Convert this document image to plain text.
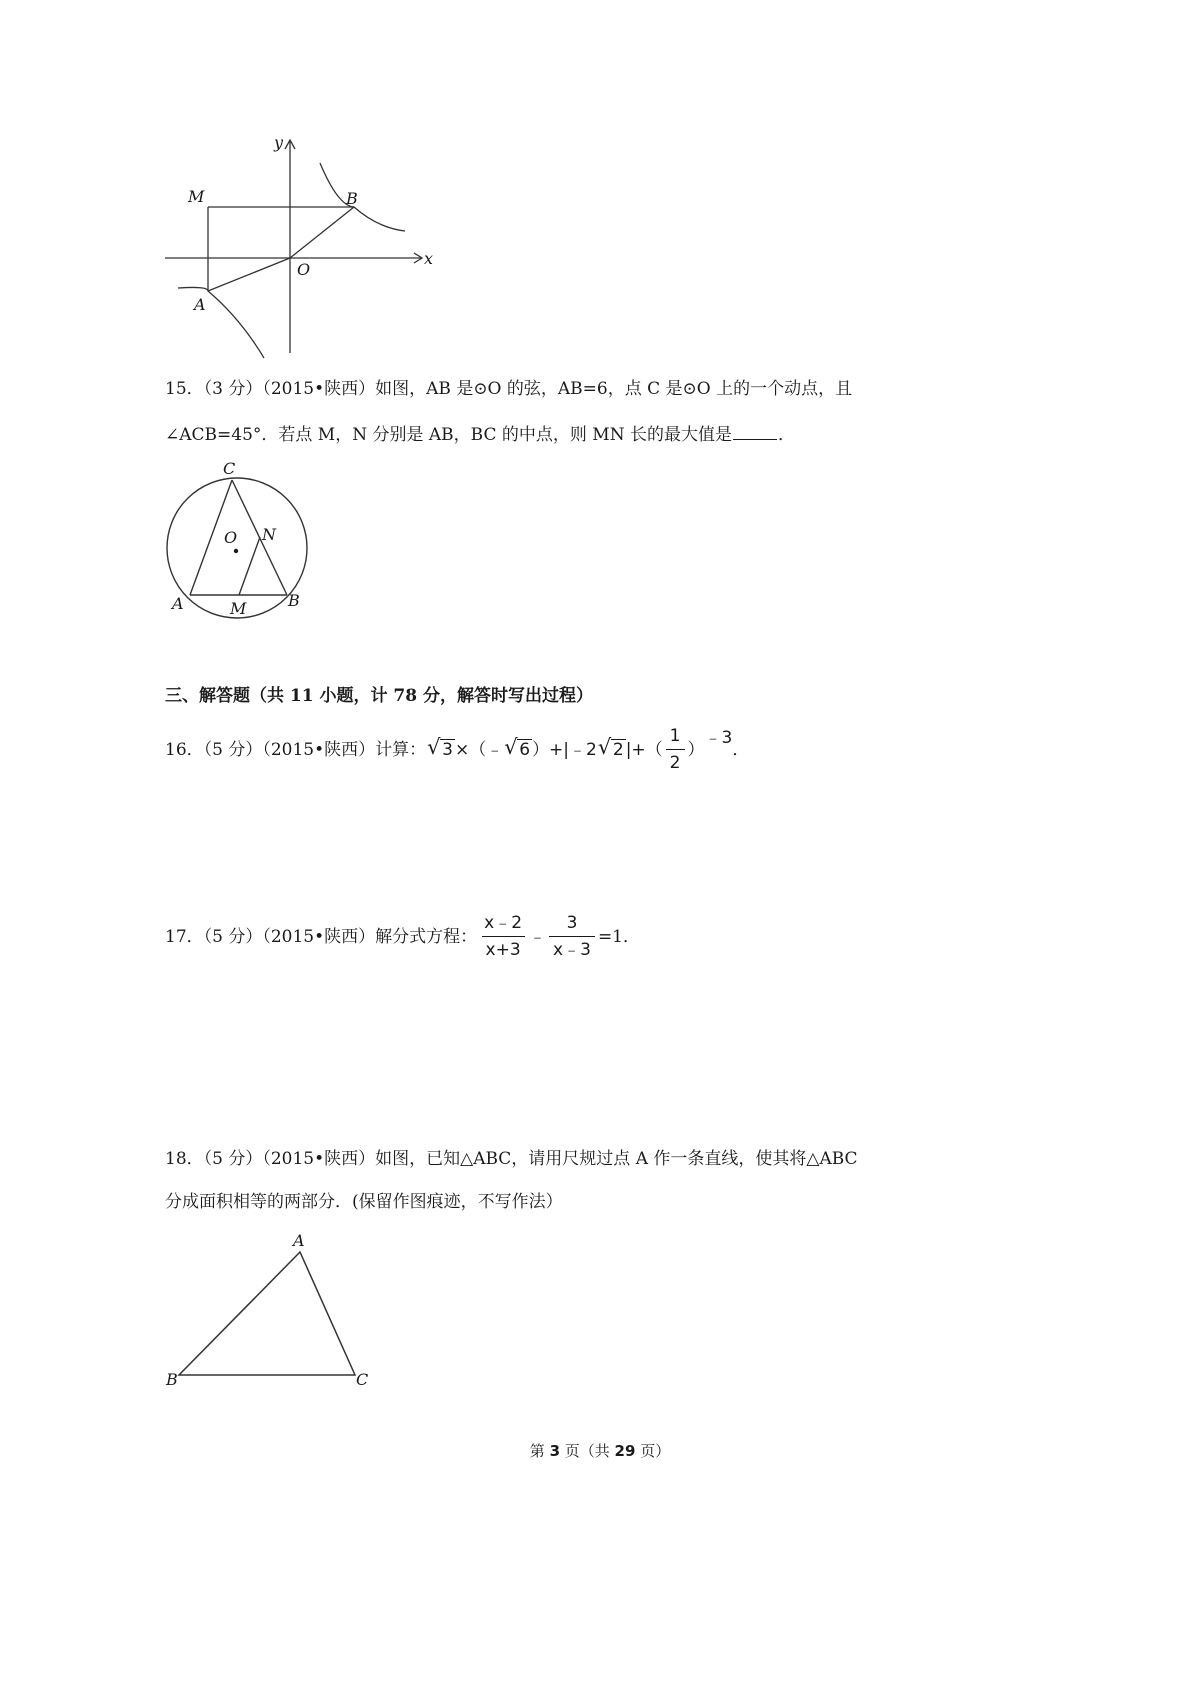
y
x
M	B
O
A
15．（3 分）（2015•陕西）如图，AB 是⊙O 的弦，AB=6，点 C 是⊙O 上的一个动点，且
∠ACB=45°．若点 M，N 分别是 AB，BC 的中点，则 MN 长的最大值是	．
C
O N
A	M	B
三、解答题（共 11 小题，计 78 分，解答时写出过程）
16．（5 分）（2015•陕西）计算： √ 3 ×（﹣ √ 6 ）+|﹣2 √ 2 |+（ $\frac{1}{2}$ ）
﹣3
．
17．（5 分）（2015•陕西）解分式方程： $\frac{x﹣2}{x+3}$ ﹣ $\frac{3}{x﹣3} =1$．
18．（5 分）（2015•陕西）如图，已知△ABC，请用尺规过点 A 作一条直线，使其将△ABC
分成面积相等的两部分．(保留作图痕迹，不写作法）
A
B	C
第 3 页（共 29 页）
